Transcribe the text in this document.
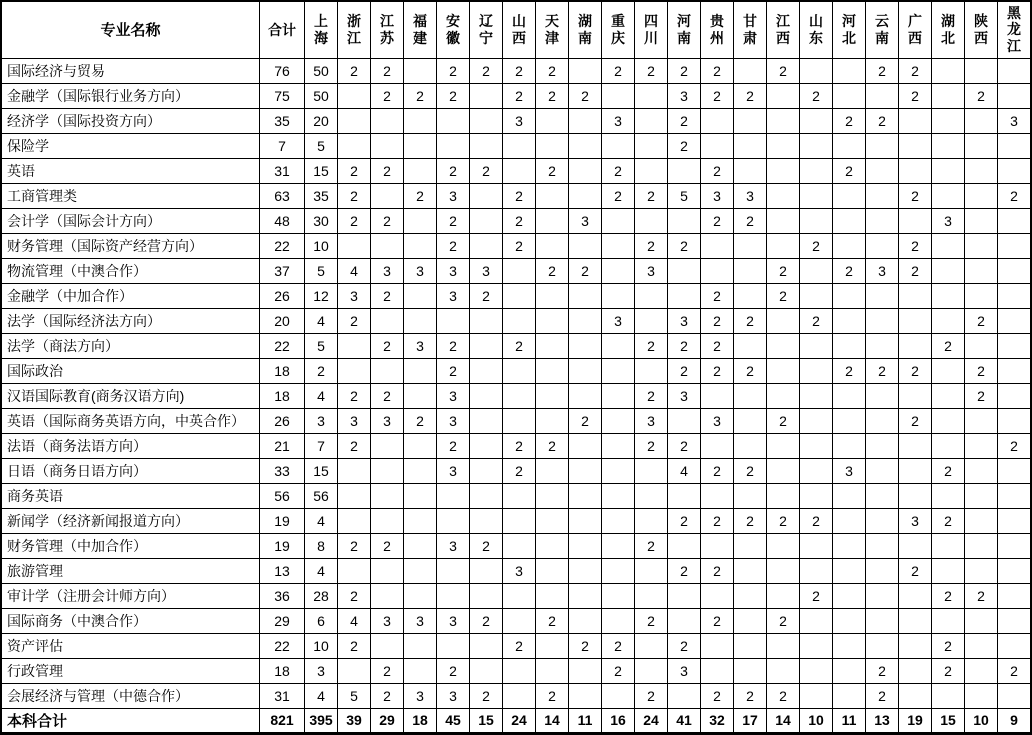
专业名称	合计	上海	浙江	江苏	福建	安徽	辽宁	山西	天津	湖南	重庆	四川	河南	贵州	甘肃	江西	山东	河北	云南	广西	湖北	陕西	黑龙江
国际经济与贸易	76	50	2	2		2	2	2	2		2	2	2	2		2			2	2			
金融学（国际银行业务方向）	75	50		2	2	2		2	2	2			3	2	2		2			2		2	
经济学（国际投资方向）	35	20						3			3		2					2	2				3
保险学	7	5											2										
英语	31	15	2	2		2	2		2		2			2				2					
工商管理类	63	35	2		2	3		2			2	2	5	3	3					2			2
会计学（国际会计方向）	48	30	2	2		2		2		3				2	2						3		
财务管理（国际资产经营方向）	22	10				2		2				2	2				2			2			
物流管理（中澳合作）	37	5	4	3	3	3	3		2	2		3				2		2	3	2			
金融学（中加合作）	26	12	3	2		3	2							2		2							
法学（国际经济法方向）	20	4	2								3		3	2	2		2					2	
法学（商法方向）	22	5		2	3	2		2				2	2	2							2		
国际政治	18	2				2							2	2	2			2	2	2		2	
汉语国际教育(商务汉语方向)	18	4	2	2		3						2	3									2	
英语（国际商务英语方向，中英合作）	26	3	3	3	2	3				2		3		3		2				2			
法语（商务法语方向）	21	7	2			2		2	2			2	2										2
日语（商务日语方向）	33	15				3		2					4	2	2			3			2		
商务英语	56	56																					
新闻学（经济新闻报道方向）	19	4											2	2	2	2	2			3	2		
财务管理（中加合作）	19	8	2	2		3	2					2											
旅游管理	13	4						3					2	2						2			
审计学（注册会计师方向）	36	28	2														2				2	2	
国际商务（中澳合作）	29	6	4	3	3	3	2		2			2		2		2							
资产评估	22	10	2					2		2	2		2								2		
行政管理	18	3		2		2					2		3						2		2		2
会展经济与管理（中德合作）	31	4	5	2	3	3	2		2			2		2	2	2			2				
本科合计	821	395	39	29	18	45	15	24	14	11	16	24	41	32	17	14	10	11	13	19	15	10	9
